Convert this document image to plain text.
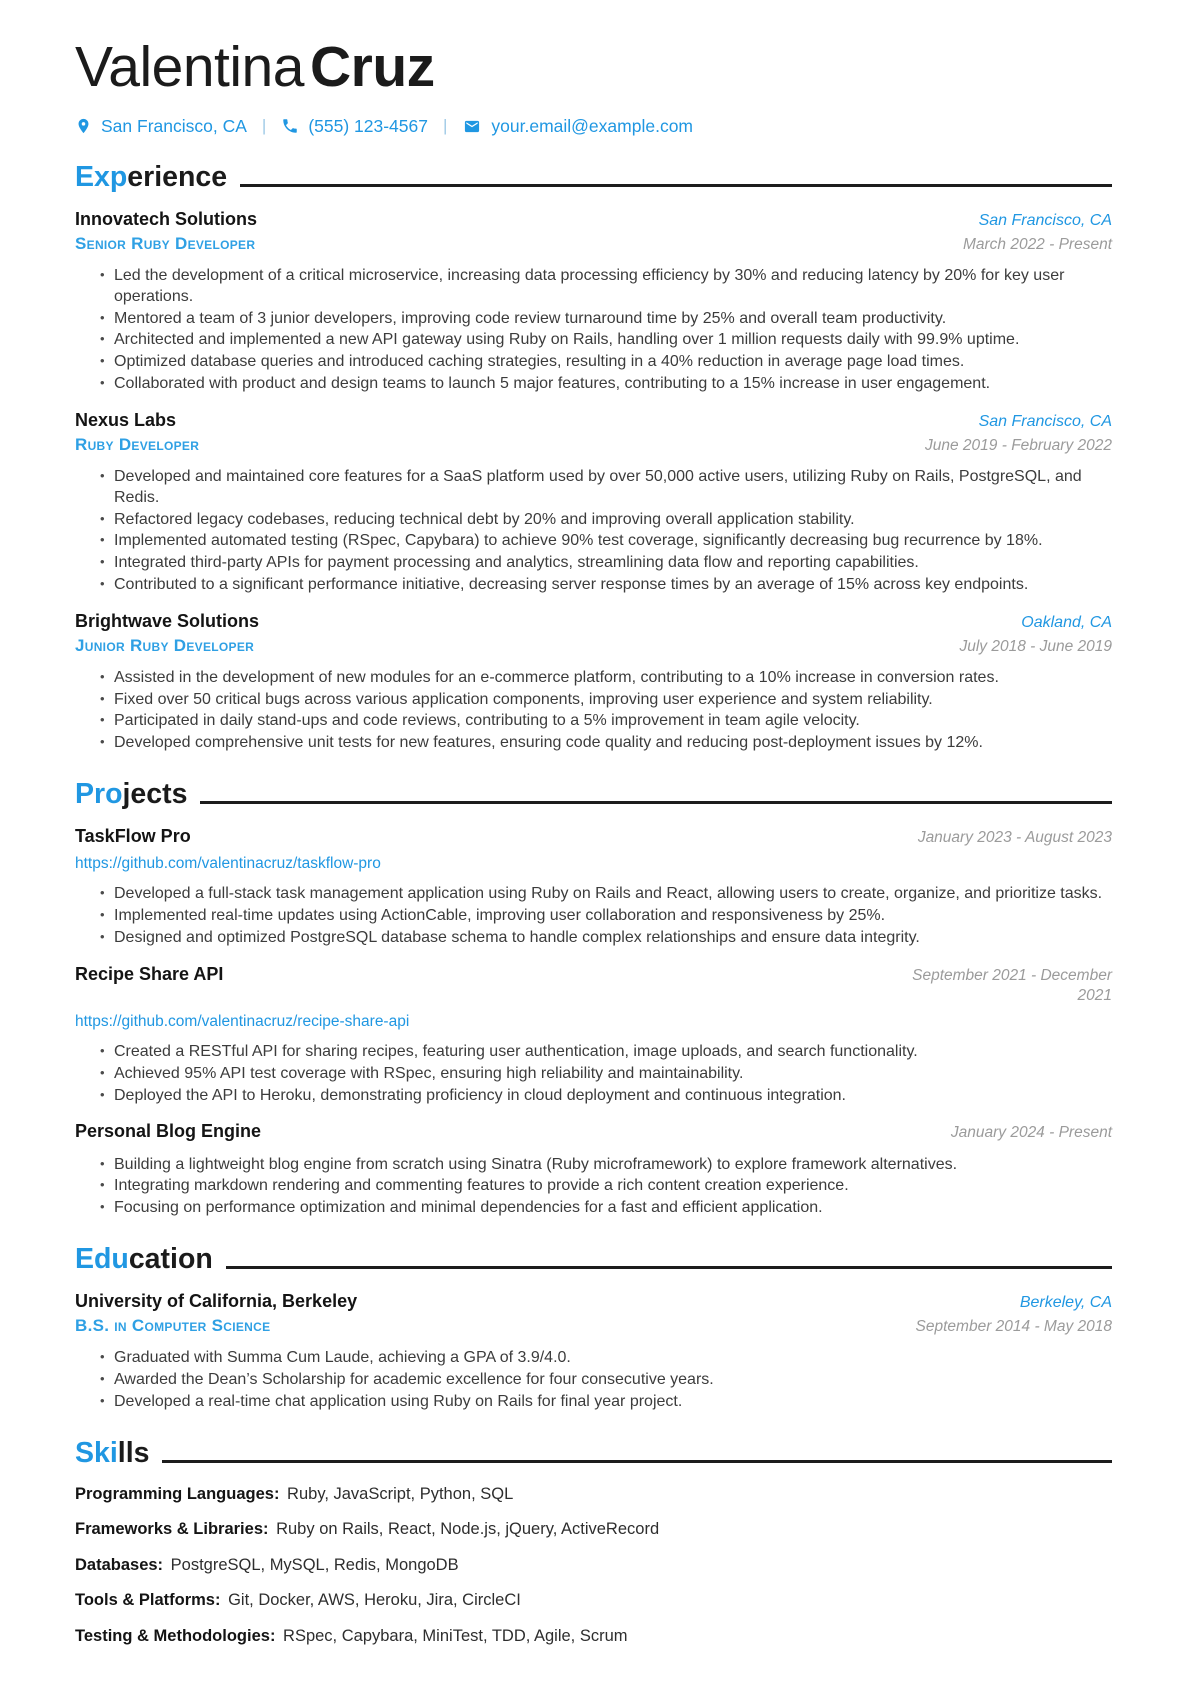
Valentina Cruz
San Francisco, CA | (555) 123-4567 |	your.email@example.com
Exp erience
Innovatech Solutions	San Francisco, CA
Senior Ruby Developer	March 2022 - Present
• Led the development of a critical microservice, increasing data processing efficiency by 30% and reducing latency by 20% for key user operations.
• Mentored a team of 3 junior developers, improving code review turnaround time by 25% and overall team productivity.
• Architected and implemented a new API gateway using Ruby on Rails, handling over 1 million requests daily with 99.9% uptime.
• Optimized database queries and introduced caching strategies, resulting in a 40% reduction in average page load times.
• Collaborated with product and design teams to launch 5 major features, contributing to a 15% increase in user engagement.
Nexus Labs	San Francisco, CA
Ruby Developer	June 2019 - February 2022
• Developed and maintained core features for a SaaS platform used by over 50,000 active users, utilizing Ruby on Rails, PostgreSQL, and Redis.
• Refactored legacy codebases, reducing technical debt by 20% and improving overall application stability.
• Implemented automated testing (RSpec, Capybara) to achieve 90% test coverage, significantly decreasing bug recurrence by 18%.
• Integrated third-party APIs for payment processing and analytics, streamlining data flow and reporting capabilities.
• Contributed to a significant performance initiative, decreasing server response times by an average of 15% across key endpoints.
Brightwave Solutions	Oakland, CA
Junior Ruby Developer	July 2018 - June 2019
• Assisted in the development of new modules for an e-commerce platform, contributing to a 10% increase in conversion rates.
• Fixed over 50 critical bugs across various application components, improving user experience and system reliability.
• Participated in daily stand-ups and code reviews, contributing to a 5% improvement in team agile velocity.
• Developed comprehensive unit tests for new features, ensuring code quality and reducing post-deployment issues by 12%.
Pro jects
TaskFlow Pro	January 2023 - August 2023
https://github.com/valentinacruz/taskflow-pro
• Developed a full-stack task management application using Ruby on Rails and React, allowing users to create, organize, and prioritize tasks.
• Implemented real-time updates using ActionCable, improving user collaboration and responsiveness by 25%.
• Designed and optimized PostgreSQL database schema to handle complex relationships and ensure data integrity.
Recipe Share API	September 2021 - December 2021
https://github.com/valentinacruz/recipe-share-api
• Created a RESTful API for sharing recipes, featuring user authentication, image uploads, and search functionality.
• Achieved 95% API test coverage with RSpec, ensuring high reliability and maintainability.
• Deployed the API to Heroku, demonstrating proficiency in cloud deployment and continuous integration.
Personal Blog Engine	January 2024 - Present
• Building a lightweight blog engine from scratch using Sinatra (Ruby microframework) to explore framework alternatives.
• Integrating markdown rendering and commenting features to provide a rich content creation experience.
• Focusing on performance optimization and minimal dependencies for a fast and efficient application.
Edu cation
University of California, Berkeley	Berkeley, CA
B.S. in Computer Science	September 2014 - May 2018
• Graduated with Summa Cum Laude, achieving a GPA of 3.9/4.0.
• Awarded the Dean’s Scholarship for academic excellence for four consecutive years.
• Developed a real-time chat application using Ruby on Rails for final year project.
Ski lls
Programming Languages: Ruby, JavaScript, Python, SQL
Frameworks & Libraries: Ruby on Rails, React, Node.js, jQuery, ActiveRecord
Databases: PostgreSQL, MySQL, Redis, MongoDB
Tools & Platforms: Git, Docker, AWS, Heroku, Jira, CircleCI
Testing & Methodologies: RSpec, Capybara, MiniTest, TDD, Agile, Scrum
